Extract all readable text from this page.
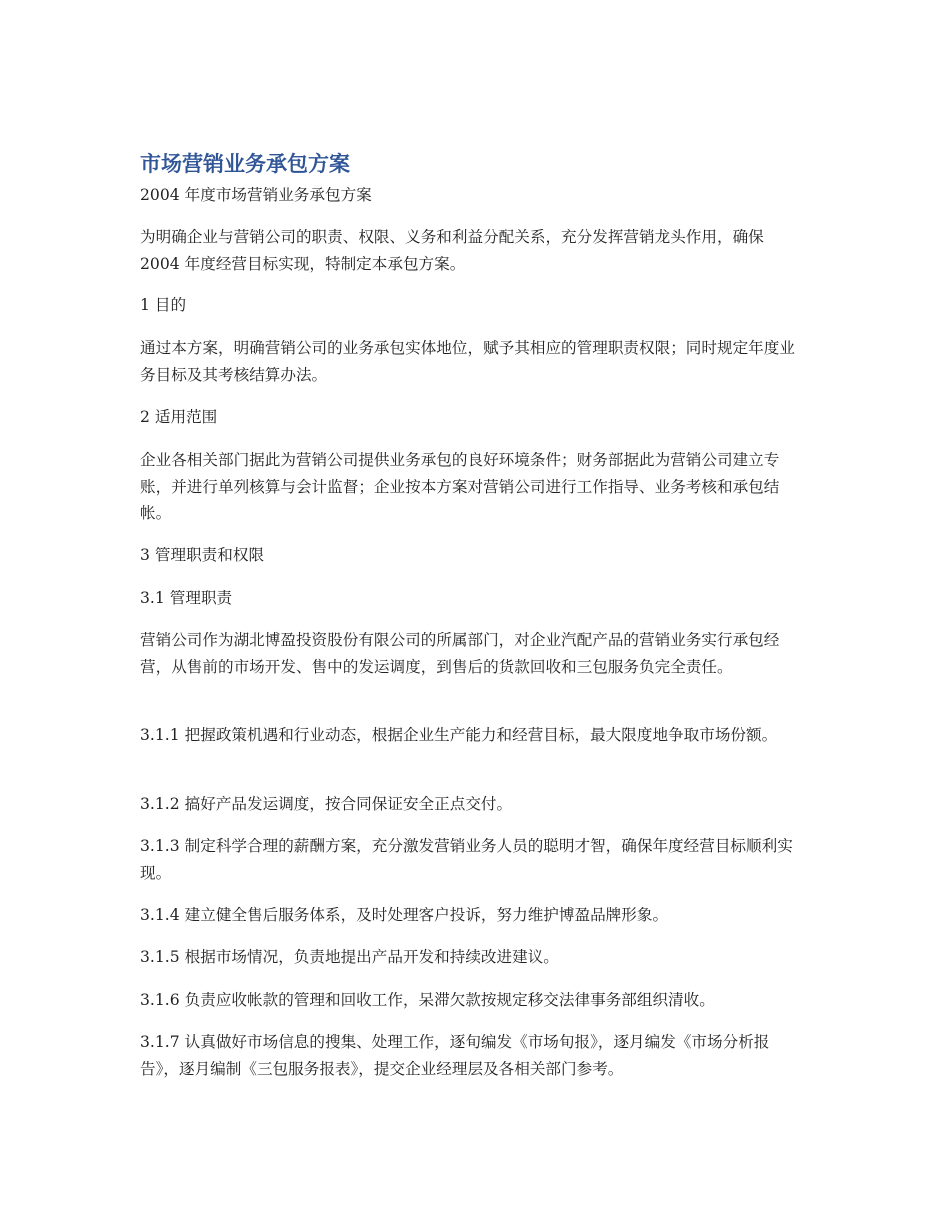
市场营销业务承包方案

2004 年度市场营销业务承包方案

为明确企业与营销公司的职责、权限、义务和利益分配关系，充分发挥营销龙头作用，确保 2004 年度经营目标实现，特制定本承包方案。

1 目的

通过本方案，明确营销公司的业务承包实体地位，赋予其相应的管理职责权限；同时规定年度业务目标及其考核结算办法。

2 适用范围

企业各相关部门据此为营销公司提供业务承包的良好环境条件；财务部据此为营销公司建立专账，并进行单列核算与会计监督；企业按本方案对营销公司进行工作指导、业务考核和承包结帐。

3 管理职责和权限

3.1 管理职责

营销公司作为湖北博盈投资股份有限公司的所属部门，对企业汽配产品的营销业务实行承包经营，从售前的市场开发、售中的发运调度，到售后的货款回收和三包服务负完全责任。

3.1.1 把握政策机遇和行业动态，根据企业生产能力和经营目标，最大限度地争取市场份额。

3.1.2 搞好产品发运调度，按合同保证安全正点交付。

3.1.3 制定科学合理的薪酬方案，充分激发营销业务人员的聪明才智，确保年度经营目标顺利实现。

3.1.4 建立健全售后服务体系，及时处理客户投诉，努力维护博盈品牌形象。

3.1.5 根据市场情况，负责地提出产品开发和持续改进建议。

3.1.6 负责应收帐款的管理和回收工作，呆滞欠款按规定移交法律事务部组织清收。

3.1.7 认真做好市场信息的搜集、处理工作，逐旬编发《市场旬报》，逐月编发《市场分析报告》，逐月编制《三包服务报表》，提交企业经理层及各相关部门参考。
